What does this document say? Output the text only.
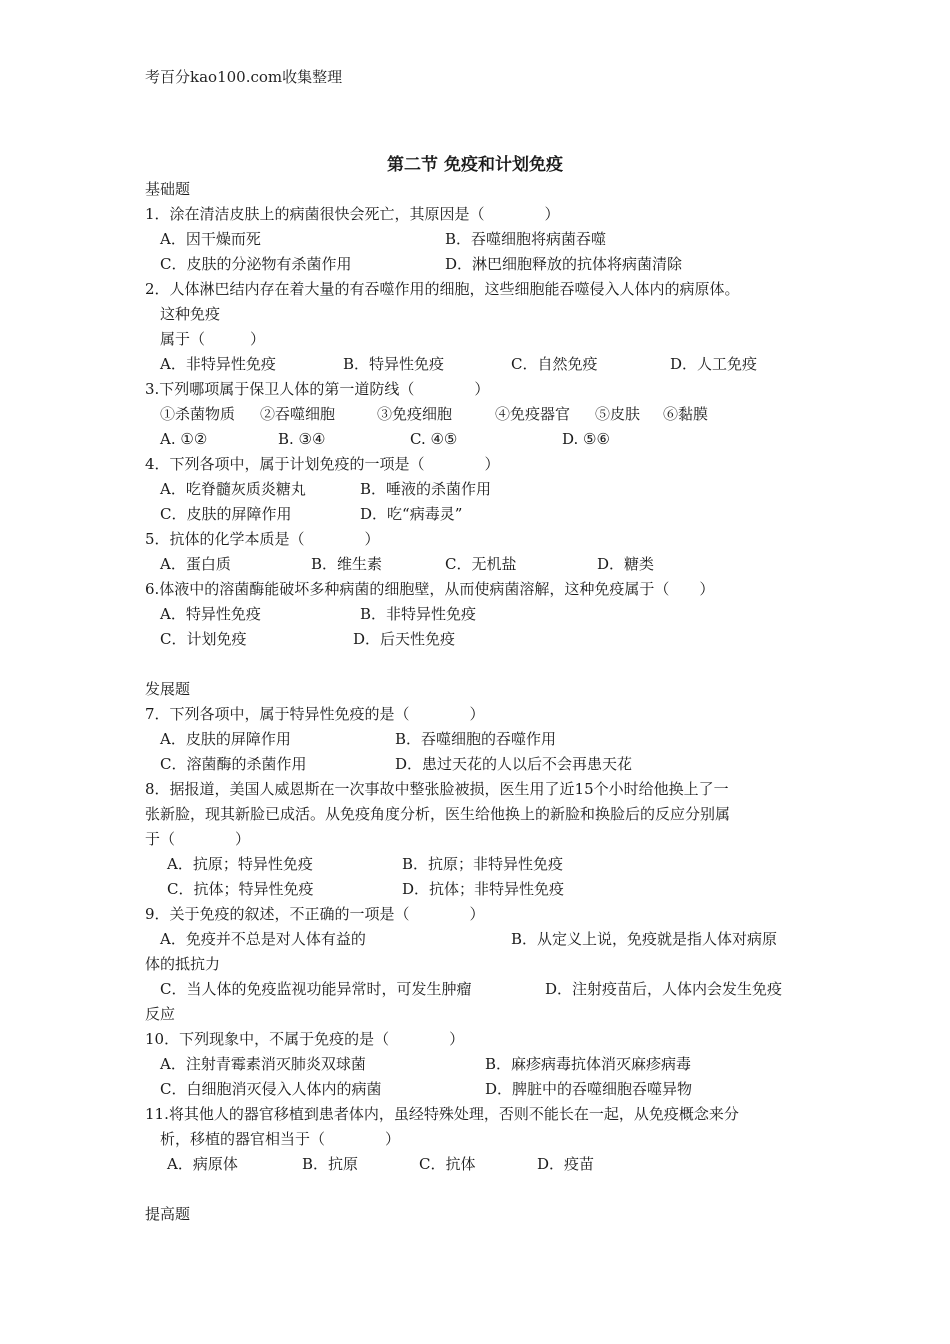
考百分kao100.com收集整理
第二节 免疫和计划免疫
基础题
1．涂在清洁皮肤上的病菌很快会死亡，其原因是（　　　　）
A．因干燥而死	B．吞噬细胞将病菌吞噬
C．皮肤的分泌物有杀菌作用	D．淋巴细胞释放的抗体将病菌清除
2．人体淋巴结内存在着大量的有吞噬作用的细胞，这些细胞能吞噬侵入人体内的病原体。
这种免疫
属于（　　　）
A．非特异性免疫	B．特异性免疫	C．自然免疫	D．人工免疫
3.下列哪项属于保卫人体的第一道防线（　　　　）
①杀菌物质 ②吞噬细胞	③免疫细胞	④免疫器官 ⑤皮肤 ⑥黏膜
A. ①②	B. ③④	C. ④⑤	D. ⑤⑥
4．下列各项中，属于计划免疫的一项是（　　　　）
A．吃脊髓灰质炎糖丸	B．唾液的杀菌作用
C．皮肤的屏障作用	D．吃“病毒灵”
5．抗体的化学本质是（　　　　）
A．蛋白质	B．维生素	C．无机盐	D．糖类
6.体液中的溶菌酶能破坏多种病菌的细胞壁，从而使病菌溶解，这种免疫属于（　　）
A．特异性免疫	B．非特异性免疫
C．计划免疫	D．后天性免疫
发展题
7．下列各项中，属于特异性免疫的是（　　　　）
A．皮肤的屏障作用	B．吞噬细胞的吞噬作用
C．溶菌酶的杀菌作用	D．患过天花的人以后不会再患天花
8．据报道，美国人威恩斯在一次事故中整张脸被损，医生用了近15个小时给他换上了一
张新脸，现其新脸已成活。从免疫角度分析，医生给他换上的新脸和换脸后的反应分别属
于（　　　　）
A．抗原；特异性免疫	B．抗原；非特异性免疫
C．抗体；特异性免疫	D．抗体；非特异性免疫
9．关于免疫的叙述，不正确的一项是（　　　　）
A．免疫并不总是对人体有益的	B．从定义上说，免疫就是指人体对病原
体的抵抗力
C．当人体的免疫监视功能异常时，可发生肿瘤	D．注射疫苗后，人体内会发生免疫
反应
10．下列现象中，不属于免疫的是（　　　　）
A．注射青霉素消灭肺炎双球菌	B．麻疹病毒抗体消灭麻疹病毒
C．白细胞消灭侵入人体内的病菌	D．脾脏中的吞噬细胞吞噬异物
11.将其他人的器官移植到患者体内，虽经特殊处理，否则不能长在一起，从免疫概念来分
析，移植的器官相当于（　　　　）
A．病原体	B．抗原	C．抗体	D．疫苗
提高题
